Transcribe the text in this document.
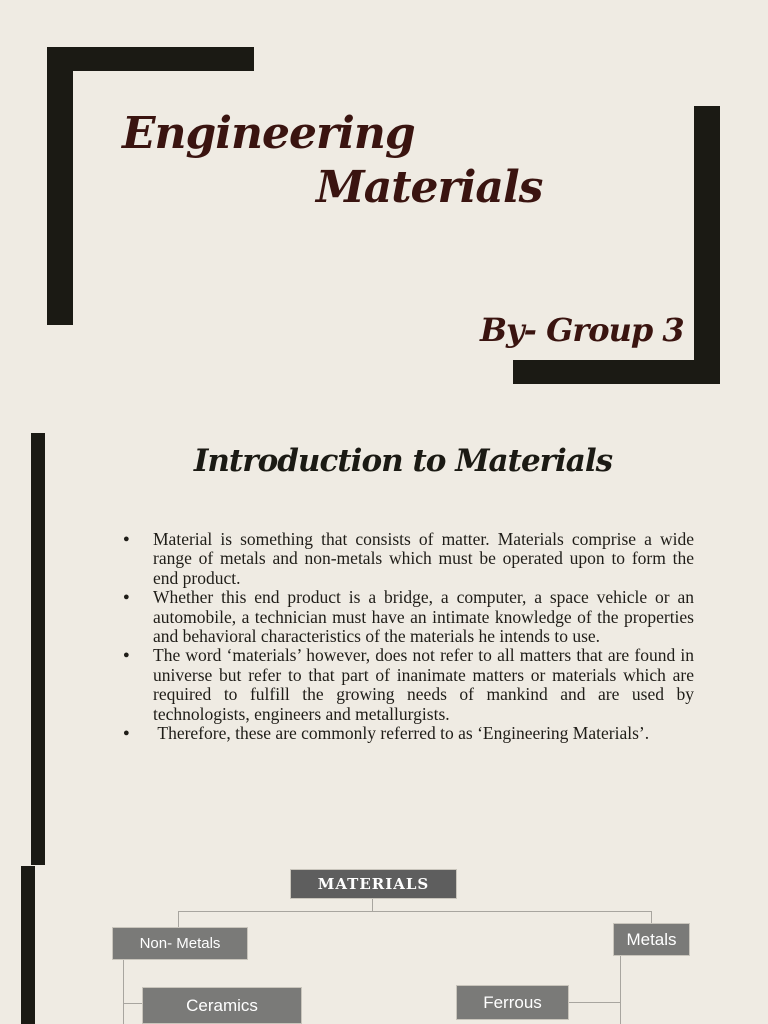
Engineering
Materials
By- Group 3
Introduction to Materials
● Material is something that consists of matter. Materials comprise a wide range of metals and non-metals which must be operated upon to form the end product.
● Whether this end product is a bridge, a computer, a space vehicle or an automobile, a technician must have an intimate knowledge of the properties and behavioral characteristics of the materials he intends to use.
● The word ‘materials’ however, does not refer to all matters that are found in universe but refer to that part of inanimate matters or materials which are required to fulfill the growing needs of mankind and are used by technologists, engineers and metallurgists.
●  Therefore, these are commonly referred to as ‘Engineering Materials’.
MATERIALS
Non- Metals	Metals
Ceramics	Ferrous
